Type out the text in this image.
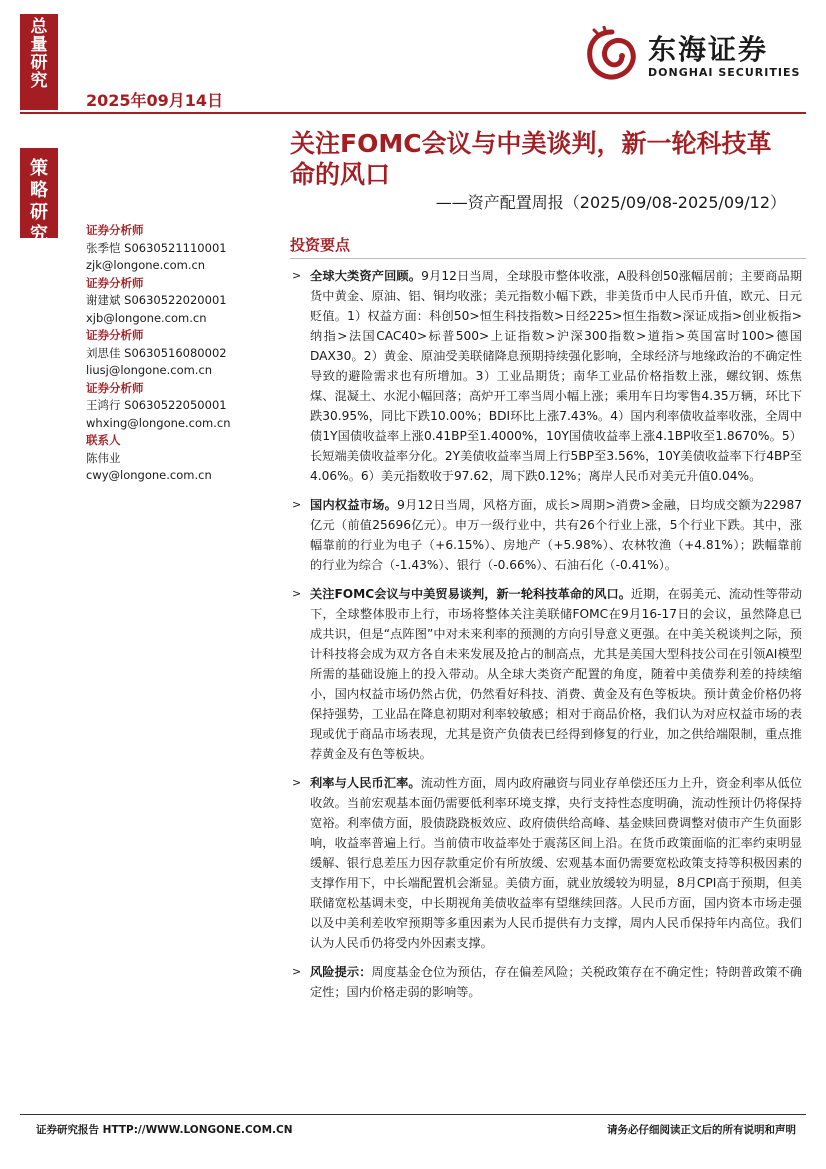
总
量
研
究
策
略
研
究
2025年09月14日
东海证券
DONGHAI SECURITIES
关注FOMC会议与中美谈判，新一轮科技革命的风口
——资产配置周报（2025/09/08-2025/09/12）
证券分析师
张季恺 S0630521110001
zjk@longone.com.cn
证券分析师
谢建斌 S0630522020001
xjb@longone.com.cn
证券分析师
刘思佳 S0630516080002
liusj@longone.com.cn
证券分析师
王鸿行 S0630522050001
whxing@longone.com.cn
联系人
陈伟业
cwy@longone.com.cn
投资要点
> 全球大类资产回顾。9月12日当周，全球股市整体收涨，A股科创50涨幅居前；主要商品期货中黄金、原油、铝、铜均收涨；美元指数小幅下跌，非美货币中人民币升值，欧元、日元贬值。1）权益方面：科创50>恒生科技指数>日经225>恒生指数>深证成指>创业板指>纳指>法国CAC40>标普500>上证指数>沪深300指数>道指>英国富时100>德国DAX30。2）黄金、原油受美联储降息预期持续强化影响，全球经济与地缘政治的不确定性导致的避险需求也有所增加。3）工业品期货；南华工业品价格指数上涨，螺纹钢、炼焦煤、混凝土、水泥小幅回落；高炉开工率当周小幅上涨；乘用车日均零售4.35万辆，环比下跌30.95%，同比下跌10.00%；BDI环比上涨7.43%。4）国内利率债收益率收涨，全周中债1Y国债收益率上涨0.41BP至1.4000%，10Y国债收益率上涨4.1BP收至1.8670%。5）长短端美债收益率分化。2Y美债收益率当周上行5BP至3.56%，10Y美债收益率下行4BP至4.06%。6）美元指数收于97.62，周下跌0.12%；离岸人民币对美元升值0.04%。
> 国内权益市场。9月12日当周，风格方面，成长>周期>消费>金融，日均成交额为22987亿元（前值25696亿元）。申万一级行业中，共有26个行业上涨，5个行业下跌。其中，涨幅靠前的行业为电子（+6.15%）、房地产（+5.98%）、农林牧渔（+4.81%）；跌幅靠前的行业为综合（-1.43%）、银行（-0.66%）、石油石化（-0.41%）。
> 关注FOMC会议与中美贸易谈判，新一轮科技革命的风口。近期，在弱美元、流动性等带动下，全球整体股市上行，市场将整体关注美联储FOMC在9月16-17日的会议，虽然降息已成共识，但是“点阵图”中对未来利率的预测的方向引导意义更强。在中美关税谈判之际，预计科技将会成为双方各自未来发展及抢占的制高点，尤其是美国大型科技公司在引领AI模型所需的基础设施上的投入带动。从全球大类资产配置的角度，随着中美债券利差的持续缩小，国内权益市场仍然占优，仍然看好科技、消费、黄金及有色等板块。预计黄金价格仍将保持强势，工业品在降息初期对利率较敏感；相对于商品价格，我们认为对应权益市场的表现或优于商品市场表现，尤其是资产负债表已经得到修复的行业，加之供给端限制，重点推荐黄金及有色等板块。
> 利率与人民币汇率。流动性方面，周内政府融资与同业存单偿还压力上升，资金利率从低位收敛。当前宏观基本面仍需要低利率环境支撑，央行支持性态度明确，流动性预计仍将保持宽裕。利率债方面，股债跷跷板效应、政府债供给高峰、基金赎回费调整对债市产生负面影响，收益率普遍上行。当前债市收益率处于震荡区间上沿。在货币政策面临的汇率约束明显缓解、银行息差压力因存款重定价有所放缓、宏观基本面仍需要宽松政策支持等积极因素的支撑作用下，中长端配置机会渐显。美债方面，就业放缓较为明显，8月CPI高于预期，但美联储宽松基调未变，中长期视角美债收益率有望继续回落。人民币方面，国内资本市场走强以及中美利差收窄预期等多重因素为人民币提供有力支撑，周内人民币保持年内高位。我们认为人民币仍将受内外因素支撑。
> 风险提示：周度基金仓位为预估，存在偏差风险；关税政策存在不确定性；特朗普政策不确定性；国内价格走弱的影响等。
证券研究报告 HTTP://WWW.LONGONE.COM.CN	请务必仔细阅读正文后的所有说明和声明
